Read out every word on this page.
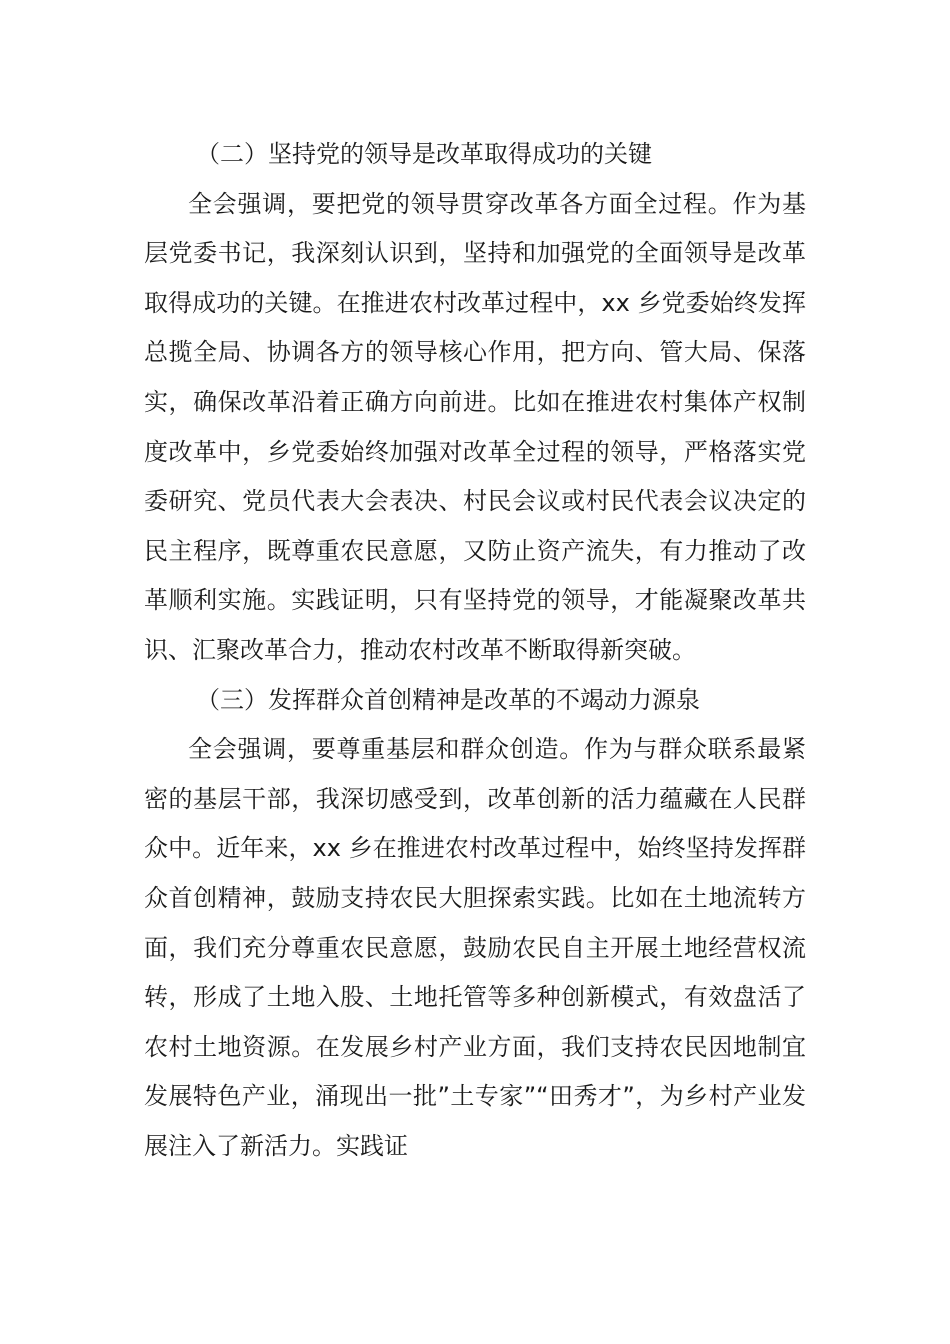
（二）坚持党的领导是改革取得成功的关键

全会强调，要把党的领导贯穿改革各方面全过程。作为基层党委书记，我深刻认识到，坚持和加强党的全面领导是改革取得成功的关键。在推进农村改革过程中，xx 乡党委始终发挥总揽全局、协调各方的领导核心作用，把方向、管大局、保落实，确保改革沿着正确方向前进。比如在推进农村集体产权制度改革中，乡党委始终加强对改革全过程的领导，严格落实党委研究、党员代表大会表决、村民会议或村民代表会议决定的民主程序，既尊重农民意愿，又防止资产流失，有力推动了改革顺利实施。实践证明，只有坚持党的领导，才能凝聚改革共识、汇聚改革合力，推动农村改革不断取得新突破。

（三）发挥群众首创精神是改革的不竭动力源泉

全会强调，要尊重基层和群众创造。作为与群众联系最紧密的基层干部，我深切感受到，改革创新的活力蕴藏在人民群众中。近年来，xx 乡在推进农村改革过程中，始终坚持发挥群众首创精神，鼓励支持农民大胆探索实践。比如在土地流转方面，我们充分尊重农民意愿，鼓励农民自主开展土地经营权流转，形成了土地入股、土地托管等多种创新模式，有效盘活了农村土地资源。在发展乡村产业方面，我们支持农民因地制宜发展特色产业，涌现出一批”土专家”“田秀才”，为乡村产业发展注入了新活力。实践证
